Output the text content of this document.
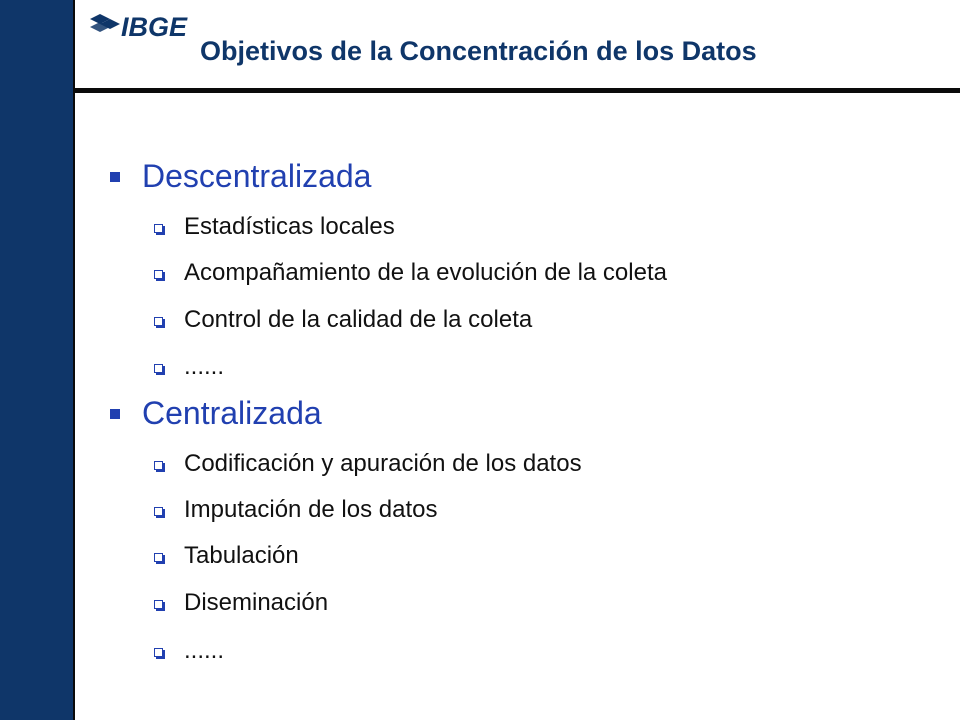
IBGE
Objetivos de la Concentración de los Datos
Descentralizada
Estadísticas locales
Acompañamiento de la evolución de la coleta
Control de la calidad de la coleta
......
Centralizada
Codificación y apuración de los datos
Imputación de los datos
Tabulación
Diseminación
......
